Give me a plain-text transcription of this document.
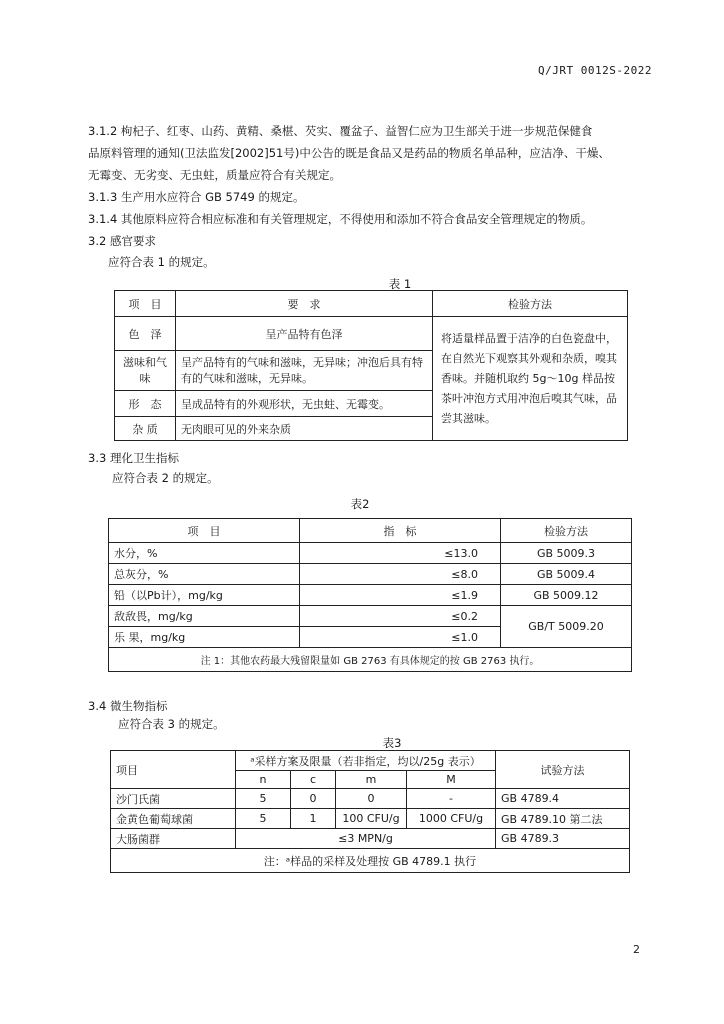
Q/JRT 0012S-2022
3.1.2 枸杞子、红枣、山药、黄精、桑椹、芡实、覆盆子、益智仁应为卫生部关于进一步规范保健食
品原料管理的通知(卫法监发[2002]51号)中公告的既是食品又是药品的物质名单品种，应洁净、干燥、
无霉变、无劣变、无虫蛀，质量应符合有关规定。
3.1.3 生产用水应符合 GB 5749 的规定。
3.1.4 其他原料应符合相应标准和有关管理规定，不得使用和添加不符合食品安全管理规定的物质。
3.2 感官要求
应符合表 1 的规定。
表 1
项　目	要　求	检验方法
色　泽	呈产品特有色泽	将适量样品置于洁净的白色瓷盘中，在自然光下观察其外观和杂质，嗅其香味。并随机取约 5g～10g 样品按茶叶冲泡方式用冲泡后嗅其气味，品尝其滋味。
滋味和气味	呈产品特有的气味和滋味，无异味；冲泡后具有特有的气味和滋味，无异味。	
形　态	呈成品特有的外观形状，无虫蛀、无霉变。	
杂 质	无肉眼可见的外来杂质	
3.3 理化卫生指标
应符合表 2 的规定。
表2
项　目	指　标	检验方法
水分，%	≤13.0	GB 5009.3
总灰分，%	≤8.0	GB 5009.4
铅（以Pb计），mg/kg	≤1.9	GB 5009.12
敌敌畏，mg/kg	≤0.2	GB/T 5009.20
乐 果，mg/kg	≤1.0	
注 1：其他农药最大残留限量如 GB 2763 有具体规定的按 GB 2763 执行。		
3.4 微生物指标
应符合表 3 的规定。
表3
项目	ᵃ采样方案及限量（若非指定，均以/25g 表示）				试验方法
	n	c	m	M	
沙门氏菌	5	0	0	-	GB 4789.4
金黄色葡萄球菌	5	1	100 CFU/g	1000 CFU/g	GB 4789.10 第二法
大肠菌群	≤3 MPN/g				GB 4789.3
注：ᵃ样品的采样及处理按 GB 4789.1 执行					
2
